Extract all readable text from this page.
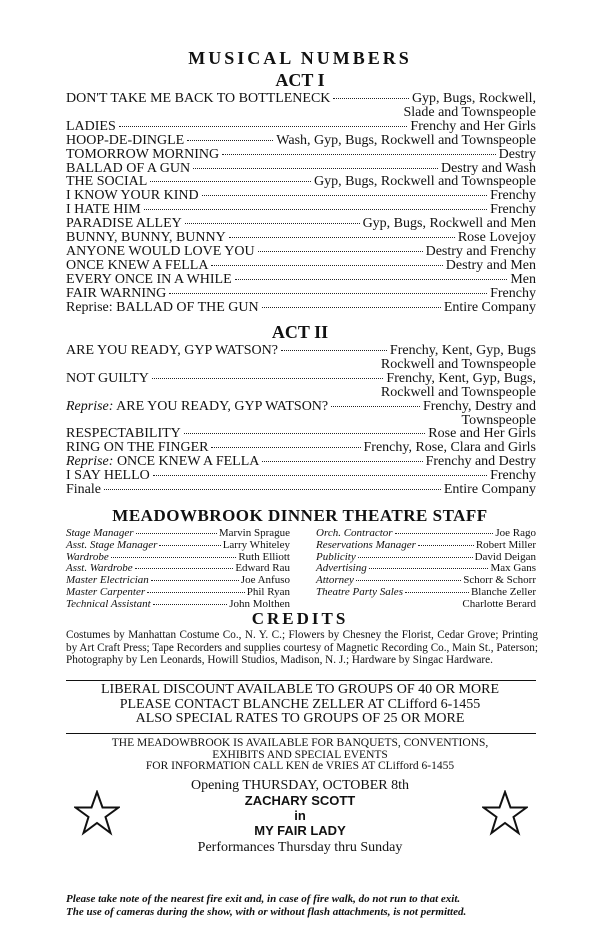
MUSICAL NUMBERS
ACT I
DON'T TAKE ME BACK TO BOTTLENECK	Gyp, Bugs, Rockwell,
Slade and Townspeople
LADIES	Frenchy and Her Girls
HOOP-DE-DINGLE	Wash, Gyp, Bugs, Rockwell and Townspeople
TOMORROW MORNING	Destry
BALLAD OF A GUN	Destry and Wash
THE SOCIAL	Gyp, Bugs, Rockwell and Townspeople
I KNOW YOUR KIND	Frenchy
I HATE HIM	Frenchy
PARADISE ALLEY	Gyp, Bugs, Rockwell and Men
BUNNY, BUNNY, BUNNY	Rose Lovejoy
ANYONE WOULD LOVE YOU	Destry and Frenchy
ONCE KNEW A FELLA	Destry and Men
EVERY ONCE IN A WHILE	Men
FAIR WARNING	Frenchy
Reprise: BALLAD OF THE GUN	Entire Company
ACT II
ARE YOU READY, GYP WATSON?	Frenchy, Kent, Gyp, Bugs
Rockwell and Townspeople
NOT GUILTY	Frenchy, Kent, Gyp, Bugs,
Rockwell and Townspeople
Reprise: ARE YOU READY, GYP WATSON?	Frenchy, Destry and
Townspeople
RESPECTABILITY	Rose and Her Girls
RING ON THE FINGER	Frenchy, Rose, Clara and Girls
Reprise: ONCE KNEW A FELLA	Frenchy and Destry
I SAY HELLO	Frenchy
Finale	Entire Company
MEADOWBROOK DINNER THEATRE STAFF
Stage Manager	Marvin Sprague
Asst. Stage Manager	Larry Whiteley
Wardrobe	Ruth Elliott
Asst. Wardrobe	Edward Rau
Master Electrician	Joe Anfuso
Master Carpenter	Phil Ryan
Technical Assistant	John Molthen
Orch. Contractor	Joe Rago
Reservations Manager	Robert Miller
Publicity	David Deigan
Advertising	Max Gans
Attorney	Schorr & Schorr
Theatre Party Sales	Blanche Zeller
Charlotte Berard
CREDITS
Costumes by Manhattan Costume Co., N. Y. C.; Flowers by Chesney the Florist, Cedar Grove; Printing by Art Craft Press; Tape Recorders and supplies courtesy of Magnetic Recording Co., Main St., Paterson; Photography by Len Leonards, Howill Studios, Madison, N. J.; Hardware by Singac Hardware.
LIBERAL DISCOUNT AVAILABLE TO GROUPS OF 40 OR MORE
PLEASE CONTACT BLANCHE ZELLER AT CLifford 6-1455
ALSO SPECIAL RATES TO GROUPS OF 25 OR MORE
THE MEADOWBROOK IS AVAILABLE FOR BANQUETS, CONVENTIONS,
EXHIBITS AND SPECIAL EVENTS
FOR INFORMATION CALL KEN de VRIES AT CLifford 6-1455
Opening THURSDAY, OCTOBER 8th
ZACHARY SCOTT
in
MY FAIR LADY
Performances Thursday thru Sunday
Please take note of the nearest fire exit and, in case of fire walk, do not run to that exit.
The use of cameras during the show, with or without flash attachments, is not permitted.
